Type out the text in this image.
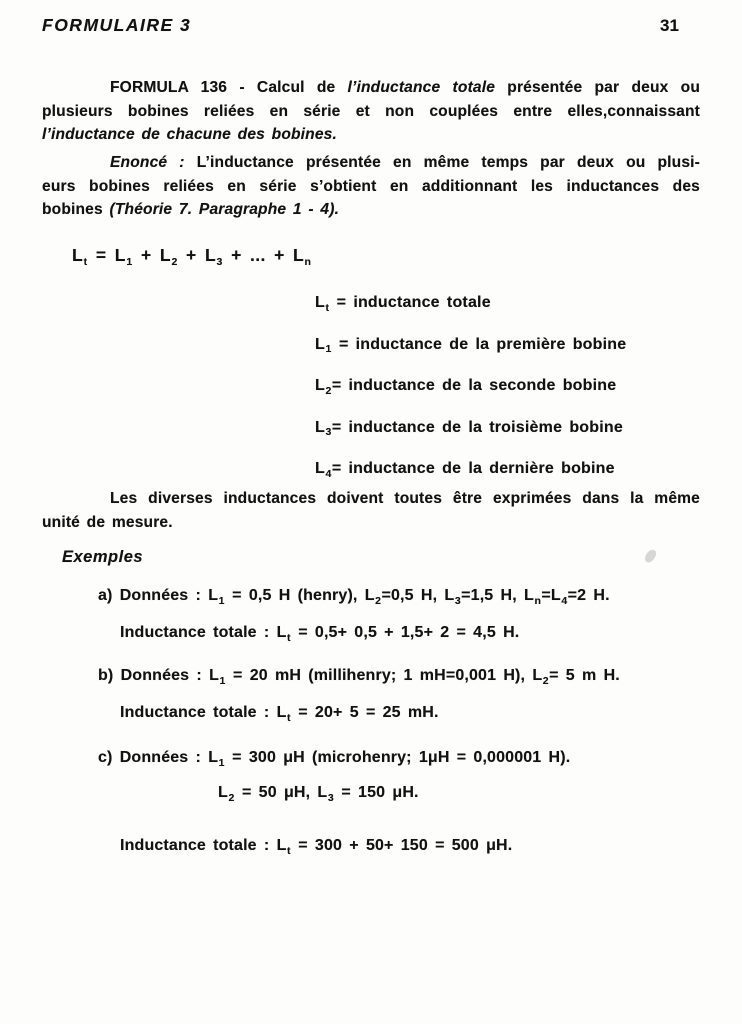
FORMULAIRE 3	31
FORMULA 136 - Calcul de l’inductance totale présentée par deux ou
plusieurs bobines reliées en série et non couplées entre elles,connaissant
l’inductance de chacune des bobines.
Enoncé : L’inductance présentée en même temps par deux ou plusi-
eurs bobines reliées en série s’obtient en additionnant les inductances des
bobines (Théorie 7. Paragraphe 1 - 4).
$L_t = L_1 + L_2 + L_3$ + ... + $L_n$
$L_t$ = inductance totale
$L_1$ = inductance de la première bobine
$L_2=$ inductance de la seconde bobine
$L_3=$ inductance de la troisième bobine
$L_4=$ inductance de la dernière bobine
Les diverses inductances doivent toutes être exprimées dans la même
unité de mesure.
Exemples
a) Données : $L_1 = 0,5$ H (henry), $L_2=0,5$ H, $L_3=1,5$ H, $L_n=L_4=2$ H.
Inductance totale : $L_t = 0,5+ 0,5 + 1,5+ 2 = 4,5$ H.
b) Données : $L_1 = 20$ mH (millihenry; 1 mH=0,001 H), $L_2= 5$ m H.
Inductance totale : $L_t = 20+ 5 = 25$ mH.
c) Données : $L_1 = 300$ μH (microhenry; 1μH = 0,000001 H).
$L_2 = 50$ μH, $L_3 = 150$ μH.
Inductance totale : $L_t = 300 + 50+ 150 = 500$ μH.
